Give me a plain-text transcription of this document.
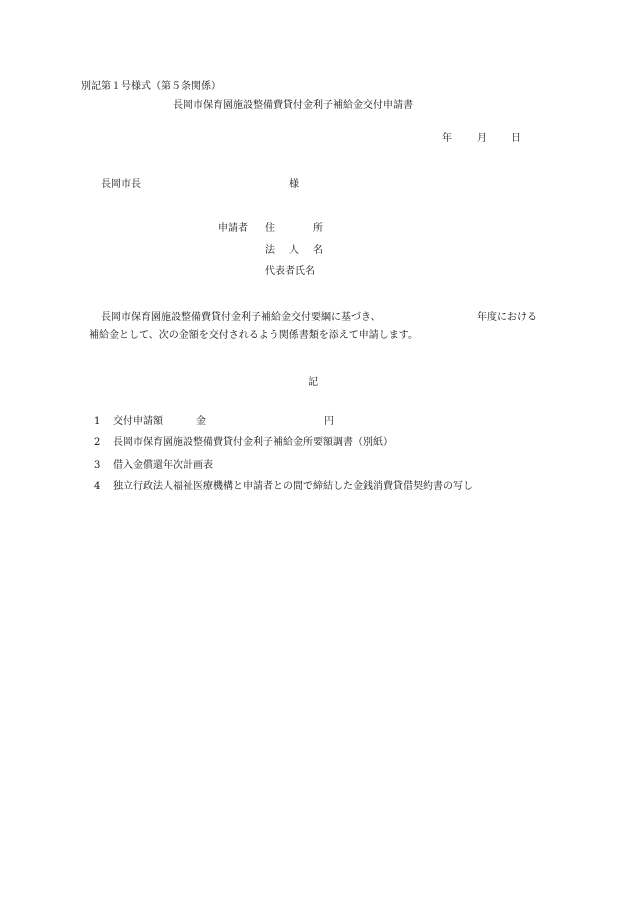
別記第１号様式（第５条関係）
長岡市保育園施設整備費貸付金利子補給金交付申請書
年	月 日
長岡市長	様
申請者 住	所
法 人 名
代表者氏名
長岡市保育園施設整備費貸付金利子補給金交付要綱に基づき、	年度における
補給金として、次の金額を交付されるよう関係書類を添えて申請します。
記
1 交付申請額	金	円
2 長岡市保育園施設整備費貸付金利子補給金所要額調書（別紙）
3 借入金償還年次計画表
4 独立行政法人福祉医療機構と申請者との間で締結した金銭消費貸借契約書の写し
